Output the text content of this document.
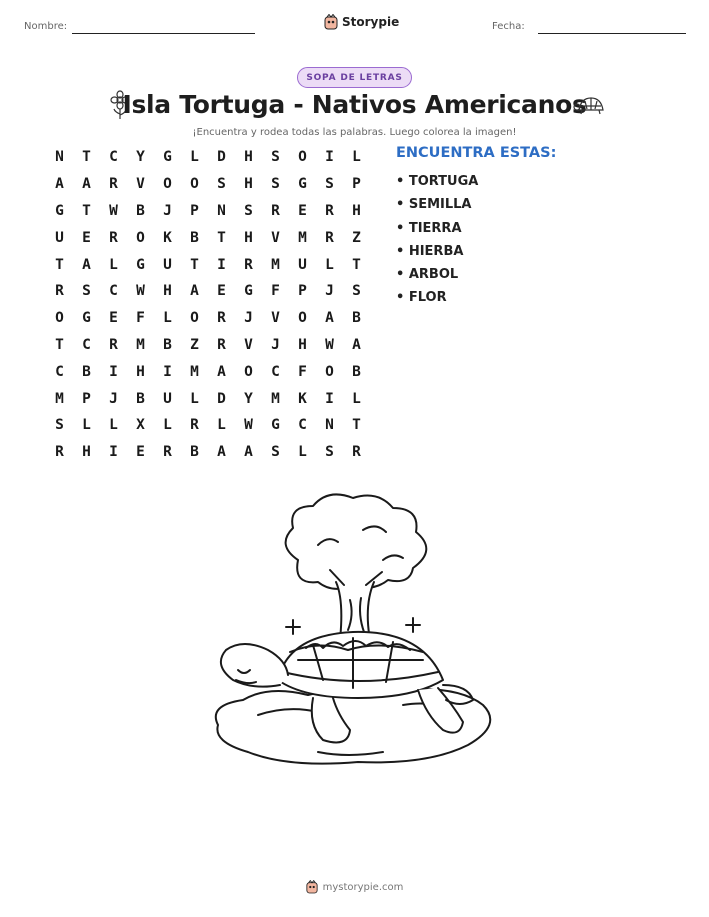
Nombre:	Storypie	Fecha:
SOPA DE LETRAS
Isla Tortuga - Nativos Americanos
¡Encuentra y rodea todas las palabras. Luego colorea la imagen!
N	T	C	Y	G	L	D	H	S	O	I	L
A	A	R	V	O	O	S	H	S	G	S	P
G	T	W	B	J	P	N	S	R	E	R	H
U	E	R	O	K	B	T	H	V	M	R	Z
T	A	L	G	U	T	I	R	M	U	L	T
R	S	C	W	H	A	E	G	F	P	J	S
O	G	E	F	L	O	R	J	V	O	A	B
T	C	R	M	B	Z	R	V	J	H	W	A
C	B	I	H	I	M	A	O	C	F	O	B
M	P	J	B	U	L	D	Y	M	K	I	L
S	L	L	X	L	R	L	W	G	C	N	T
R	H	I	E	R	B	A	A	S	L	S	R
ENCUENTRA ESTAS:
• TORTUGA
• SEMILLA
• TIERRA
• HIERBA
• ARBOL
• FLOR
mystorypie.com
